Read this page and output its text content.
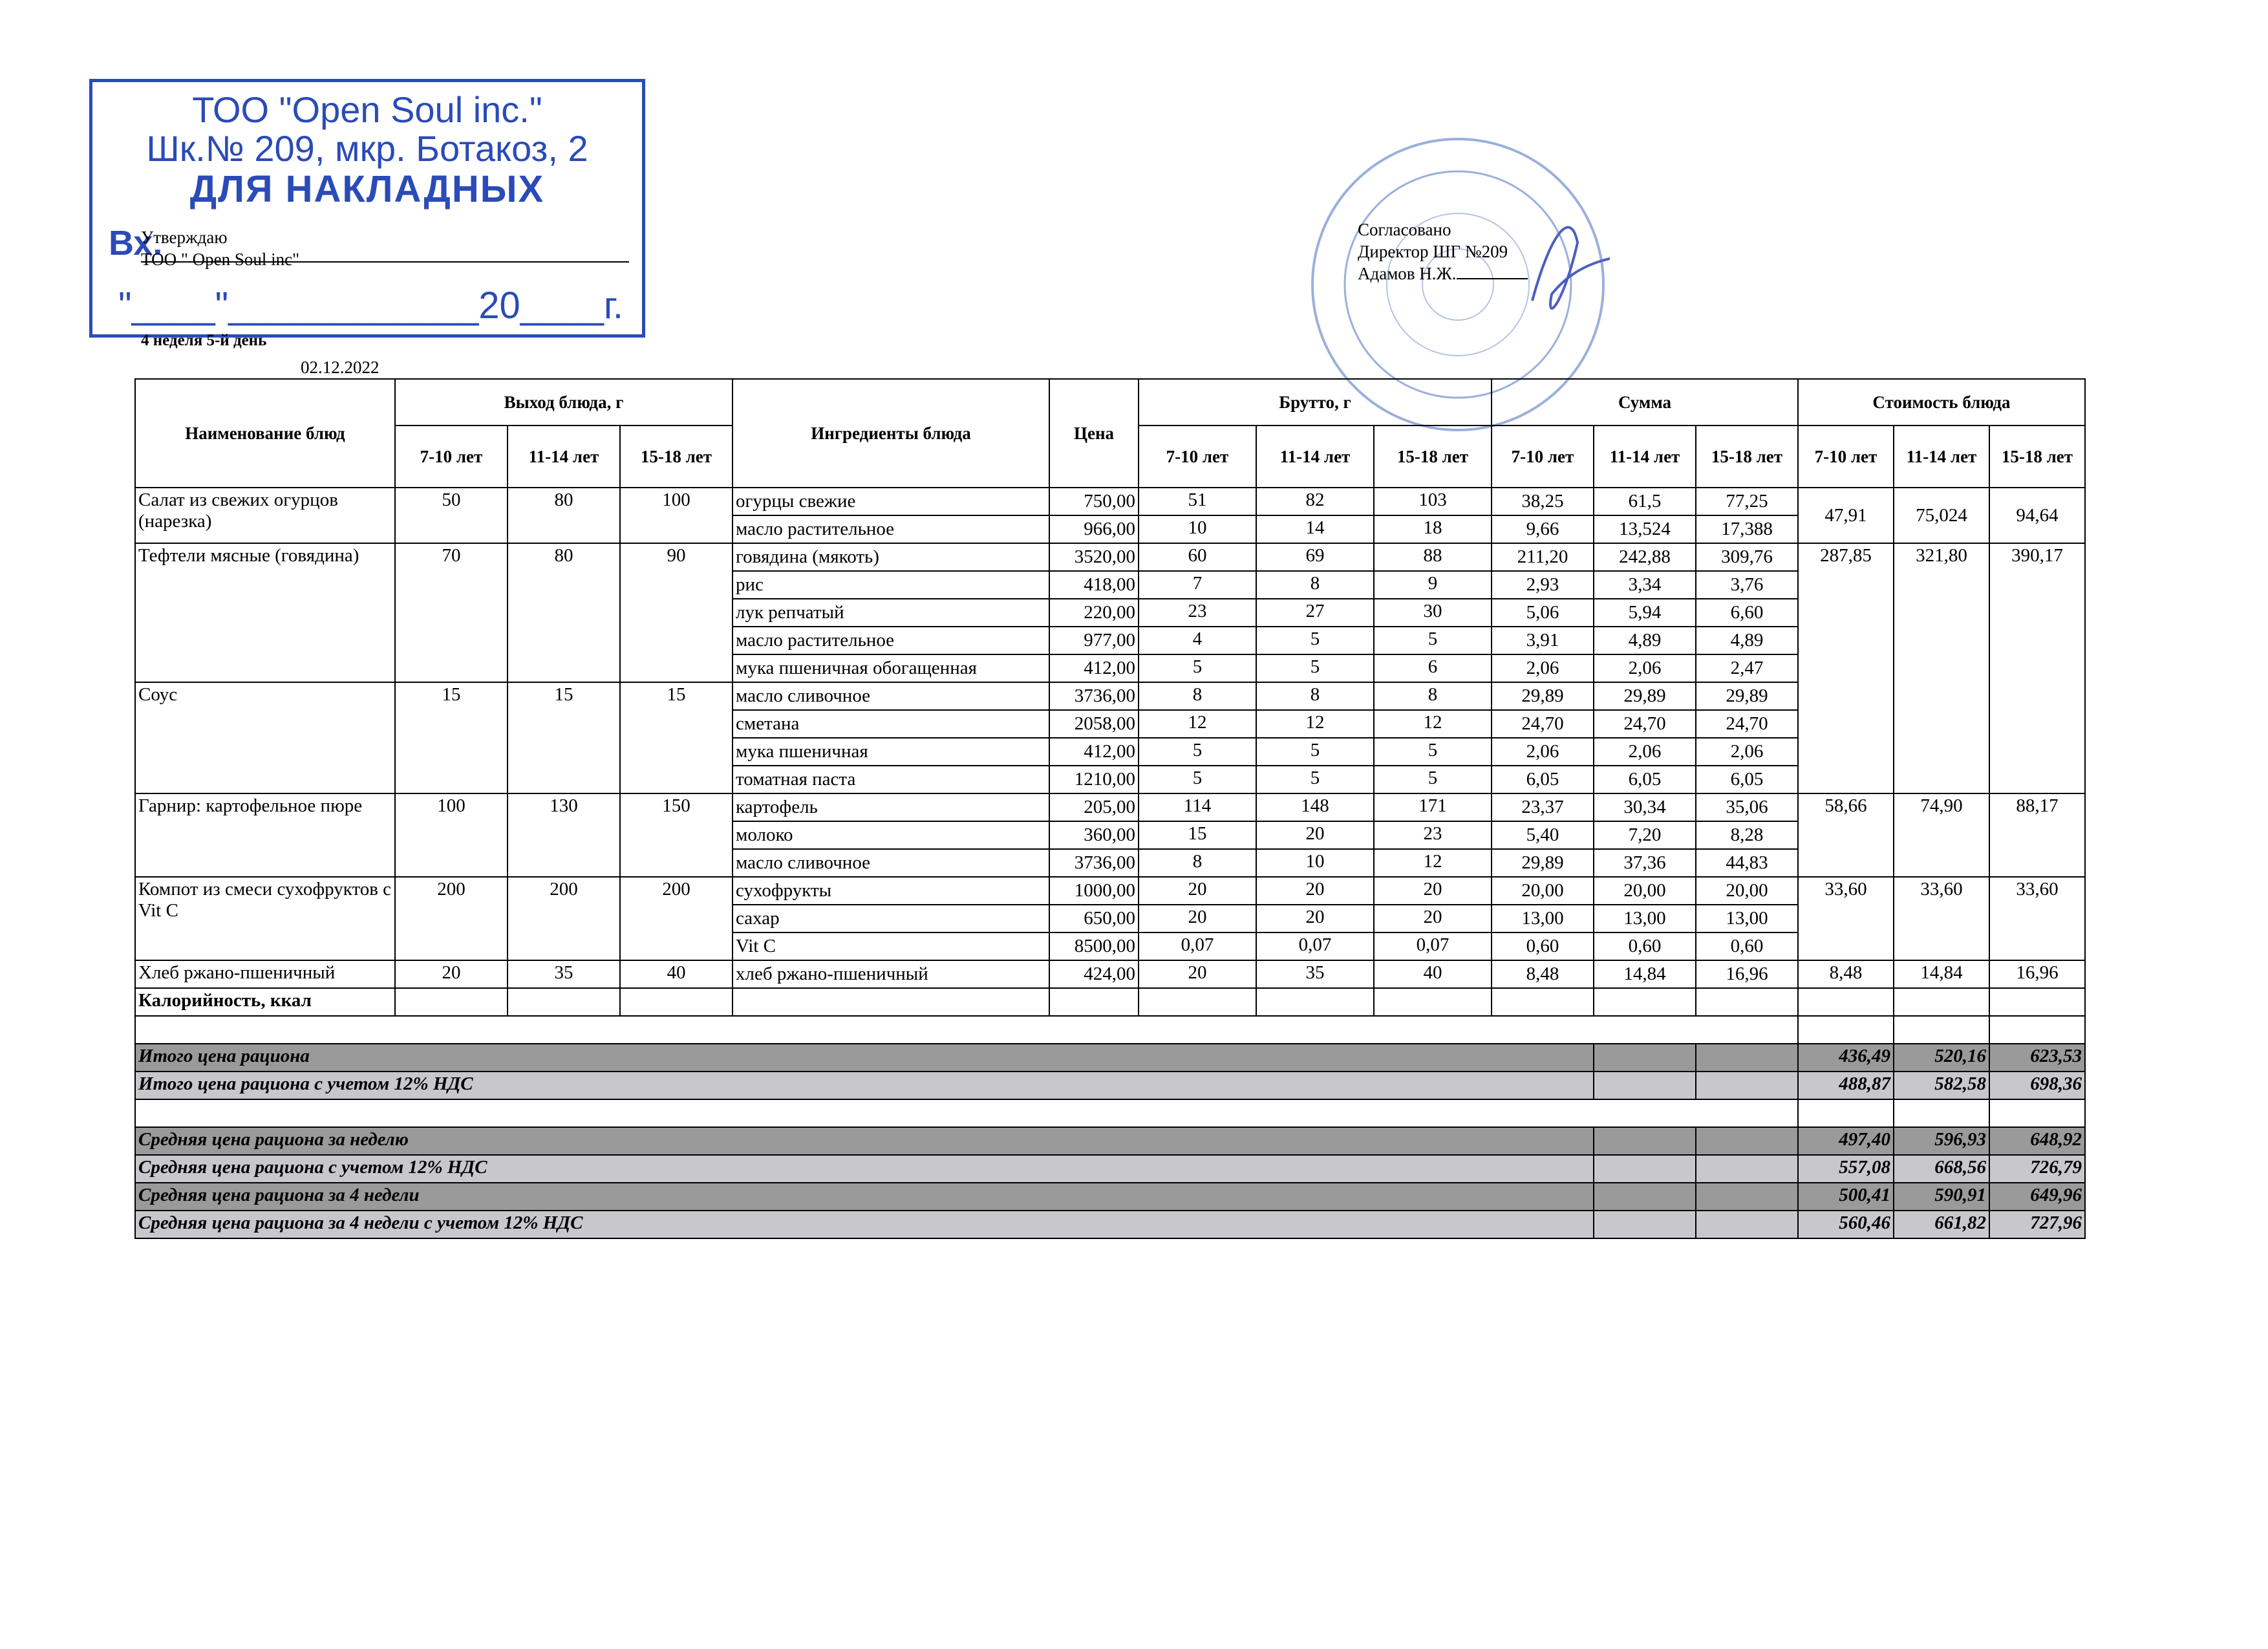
ТОО "Open Soul inc."
Шк.№ 209, мкр. Ботакоз, 2
ДЛЯ НАКЛАДНЫХ
Вх.
"____"____________20____г.
Утверждаю
ТОО " Open Soul inc"
Согласовано
Директор ШГ №209
Адамов Н.Ж.
4 неделя 5-й день
02.12.2022
Наименование блюд	Выход блюда, г			Ингредиенты блюда	Цена	Брутто, г			Сумма			Стоимость блюда		
	7-10 лет	11-14 лет	15-18 лет			7-10 лет	11-14 лет	15-18 лет	7-10 лет	11-14 лет	15-18 лет	7-10 лет	11-14 лет	15-18 лет
Салат из свежих огурцов (нарезка)	50	80	100	огурцы свежие	750,00	51	82	103	38,25	61,5	77,25	47,91	75,024	94,64
				масло растительное	966,00	10	14	18	9,66	13,524	17,388			
Тефтели мясные (говядина)	70	80	90	говядина (мякоть)	3520,00	60	69	88	211,20	242,88	309,76	287,85	321,80	390,17
				рис	418,00	7	8	9	2,93	3,34	3,76			
				лук репчатый	220,00	23	27	30	5,06	5,94	6,60			
				масло растительное	977,00	4	5	5	3,91	4,89	4,89			
				мука пшеничная обогащенная	412,00	5	5	6	2,06	2,06	2,47			
Соус	15	15	15	масло сливочное	3736,00	8	8	8	29,89	29,89	29,89			
				сметана	2058,00	12	12	12	24,70	24,70	24,70			
				мука пшеничная	412,00	5	5	5	2,06	2,06	2,06			
				томатная паста	1210,00	5	5	5	6,05	6,05	6,05			
Гарнир: картофельное пюре	100	130	150	картофель	205,00	114	148	171	23,37	30,34	35,06	58,66	74,90	88,17
				молоко	360,00	15	20	23	5,40	7,20	8,28			
				масло сливочное	3736,00	8	10	12	29,89	37,36	44,83			
Компот из смеси сухофруктов с Vit C	200	200	200	сухофрукты	1000,00	20	20	20	20,00	20,00	20,00	33,60	33,60	33,60
				сахар	650,00	20	20	20	13,00	13,00	13,00			
				Vit C	8500,00	0,07	0,07	0,07	0,60	0,60	0,60			
Хлеб ржано-пшеничный	20	35	40	хлеб ржано-пшеничный	424,00	20	35	40	8,48	14,84	16,96	8,48	14,84	16,96
Калорийность, ккал														

Итого цена рациона												436,49	520,16	623,53
Итого цена рациона с учетом 12% НДС												488,87	582,58	698,36

Средняя цена рациона за неделю												497,40	596,93	648,92
Средняя цена рациона с учетом 12% НДС												557,08	668,56	726,79
Средняя цена рациона за 4 недели												500,41	590,91	649,96
Средняя цена рациона за 4 недели с учетом 12% НДС												560,46	661,82	727,96
